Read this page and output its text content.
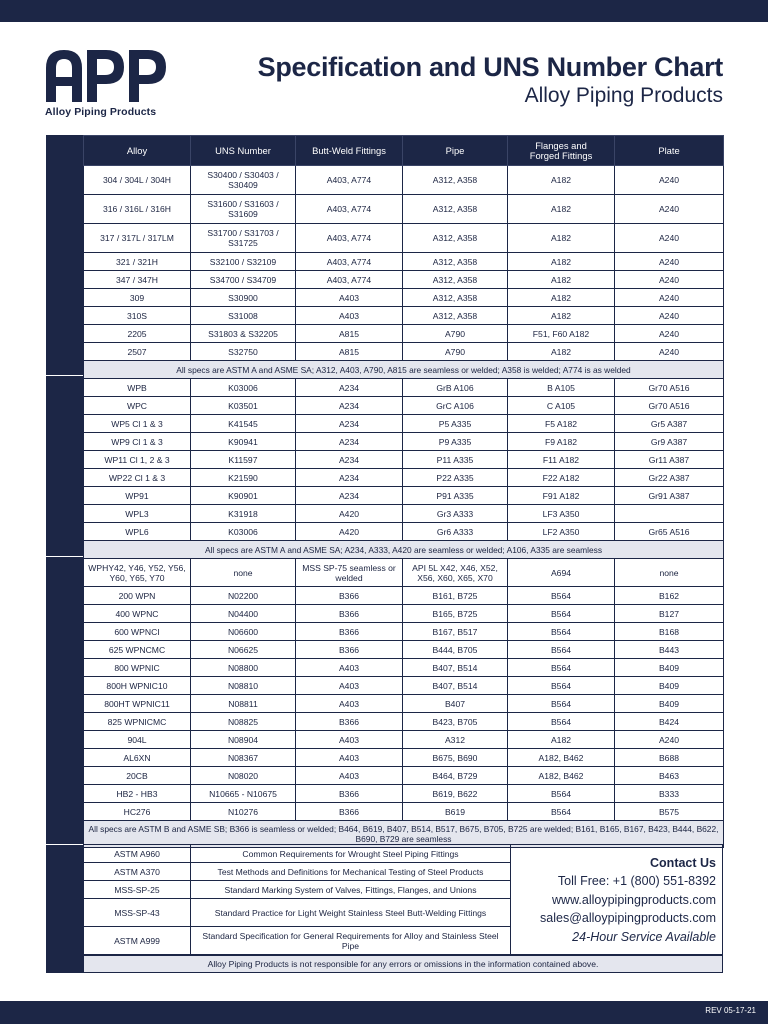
Alloy Piping Products
Specification and UNS Number Chart
Alloy Piping Products
Alloy	UNS Number	Butt-Weld Fittings	Pipe	Flanges and Forged Fittings	Plate
304 / 304L / 304H	S30400 / S30403 / S30409	A403, A774	A312, A358	A182	A240
316 / 316L / 316H	S31600 / S31603 / S31609	A403, A774	A312, A358	A182	A240
317 / 317L / 317LM	S31700 / S31703 / S31725	A403, A774	A312, A358	A182	A240
321 / 321H	S32100 / S32109	A403, A774	A312, A358	A182	A240
347 / 347H	S34700 / S34709	A403, A774	A312, A358	A182	A240
309	S30900	A403	A312, A358	A182	A240
310S	S31008	A403	A312, A358	A182	A240
2205	S31803 & S32205	A815	A790	F51, F60 A182	A240
2507	S32750	A815	A790	A182	A240
All specs are ASTM A and ASME SA; A312, A403, A790, A815 are seamless or welded; A358 is welded; A774 is as welded					
WPB	K03006	A234	GrB A106	B A105	Gr70 A516
WPC	K03501	A234	GrC A106	C A105	Gr70 A516
WP5 Cl 1 & 3	K41545	A234	P5 A335	F5 A182	Gr5 A387
WP9 Cl 1 & 3	K90941	A234	P9 A335	F9 A182	Gr9 A387
WP11 Cl 1, 2 & 3	K11597	A234	P11 A335	F11 A182	Gr11 A387
WP22 Cl 1 & 3	K21590	A234	P22 A335	F22 A182	Gr22 A387
WP91	K90901	A234	P91 A335	F91 A182	Gr91 A387
WPL3	K31918	A420	Gr3 A333	LF3 A350	
WPL6	K03006	A420	Gr6 A333	LF2 A350	Gr65 A516
All specs are ASTM A and ASME SA; A234, A333, A420 are seamless or welded; A106, A335 are seamless					
WPHY42, Y46, Y52, Y56, Y60, Y65, Y70	none	MSS SP-75 seamless or welded	API 5L X42, X46, X52, X56, X60, X65, X70	A694	none
200 WPN	N02200	B366	B161, B725	B564	B162
400 WPNC	N04400	B366	B165, B725	B564	B127
600 WPNCI	N06600	B366	B167, B517	B564	B168
625 WPNCMC	N06625	B366	B444, B705	B564	B443
800 WPNIC	N08800	A403	B407, B514	B564	B409
800H WPNIC10	N08810	A403	B407, B514	B564	B409
800HT WPNIC11	N08811	A403	B407	B564	B409
825 WPNICMC	N08825	B366	B423, B705	B564	B424
904L	N08904	A403	A312	A182	A240
AL6XN	N08367	A403	B675, B690	A182, B462	B688
20CB	N08020	A403	B464, B729	A182, B462	B463
HB2 - HB3	N10665 - N10675	B366	B619, B622	B564	B333
HC276	N10276	B366	B619	B564	B575
All specs are ASTM B and ASME SB; B366 is seamless or welded; B464, B619, B407, B514, B517, B675, B705, B725 are welded; B161, B165, B167, B423, B444, B622, B690, B729 are seamless					
ASTM A960	Common Requirements for Wrought Steel Piping Fittings
ASTM A370	Test Methods and Definitions for Mechanical Testing of Steel Products
MSS-SP-25	Standard Marking System of Valves, Fittings, Flanges, and Unions
MSS-SP-43	Standard Practice for Light Weight Stainless Steel Butt-Welding Fittings
ASTM A999	Standard Specification for General Requirements for Alloy and Stainless Steel Pipe
Contact Us
Toll Free: +1 (800) 551-8392
www.alloypipingproducts.com
sales@alloypipingproducts.com
24-Hour Service Available
Alloy Piping Products is not responsible for any errors or omissions in the information contained above.
REV 05-17-21
